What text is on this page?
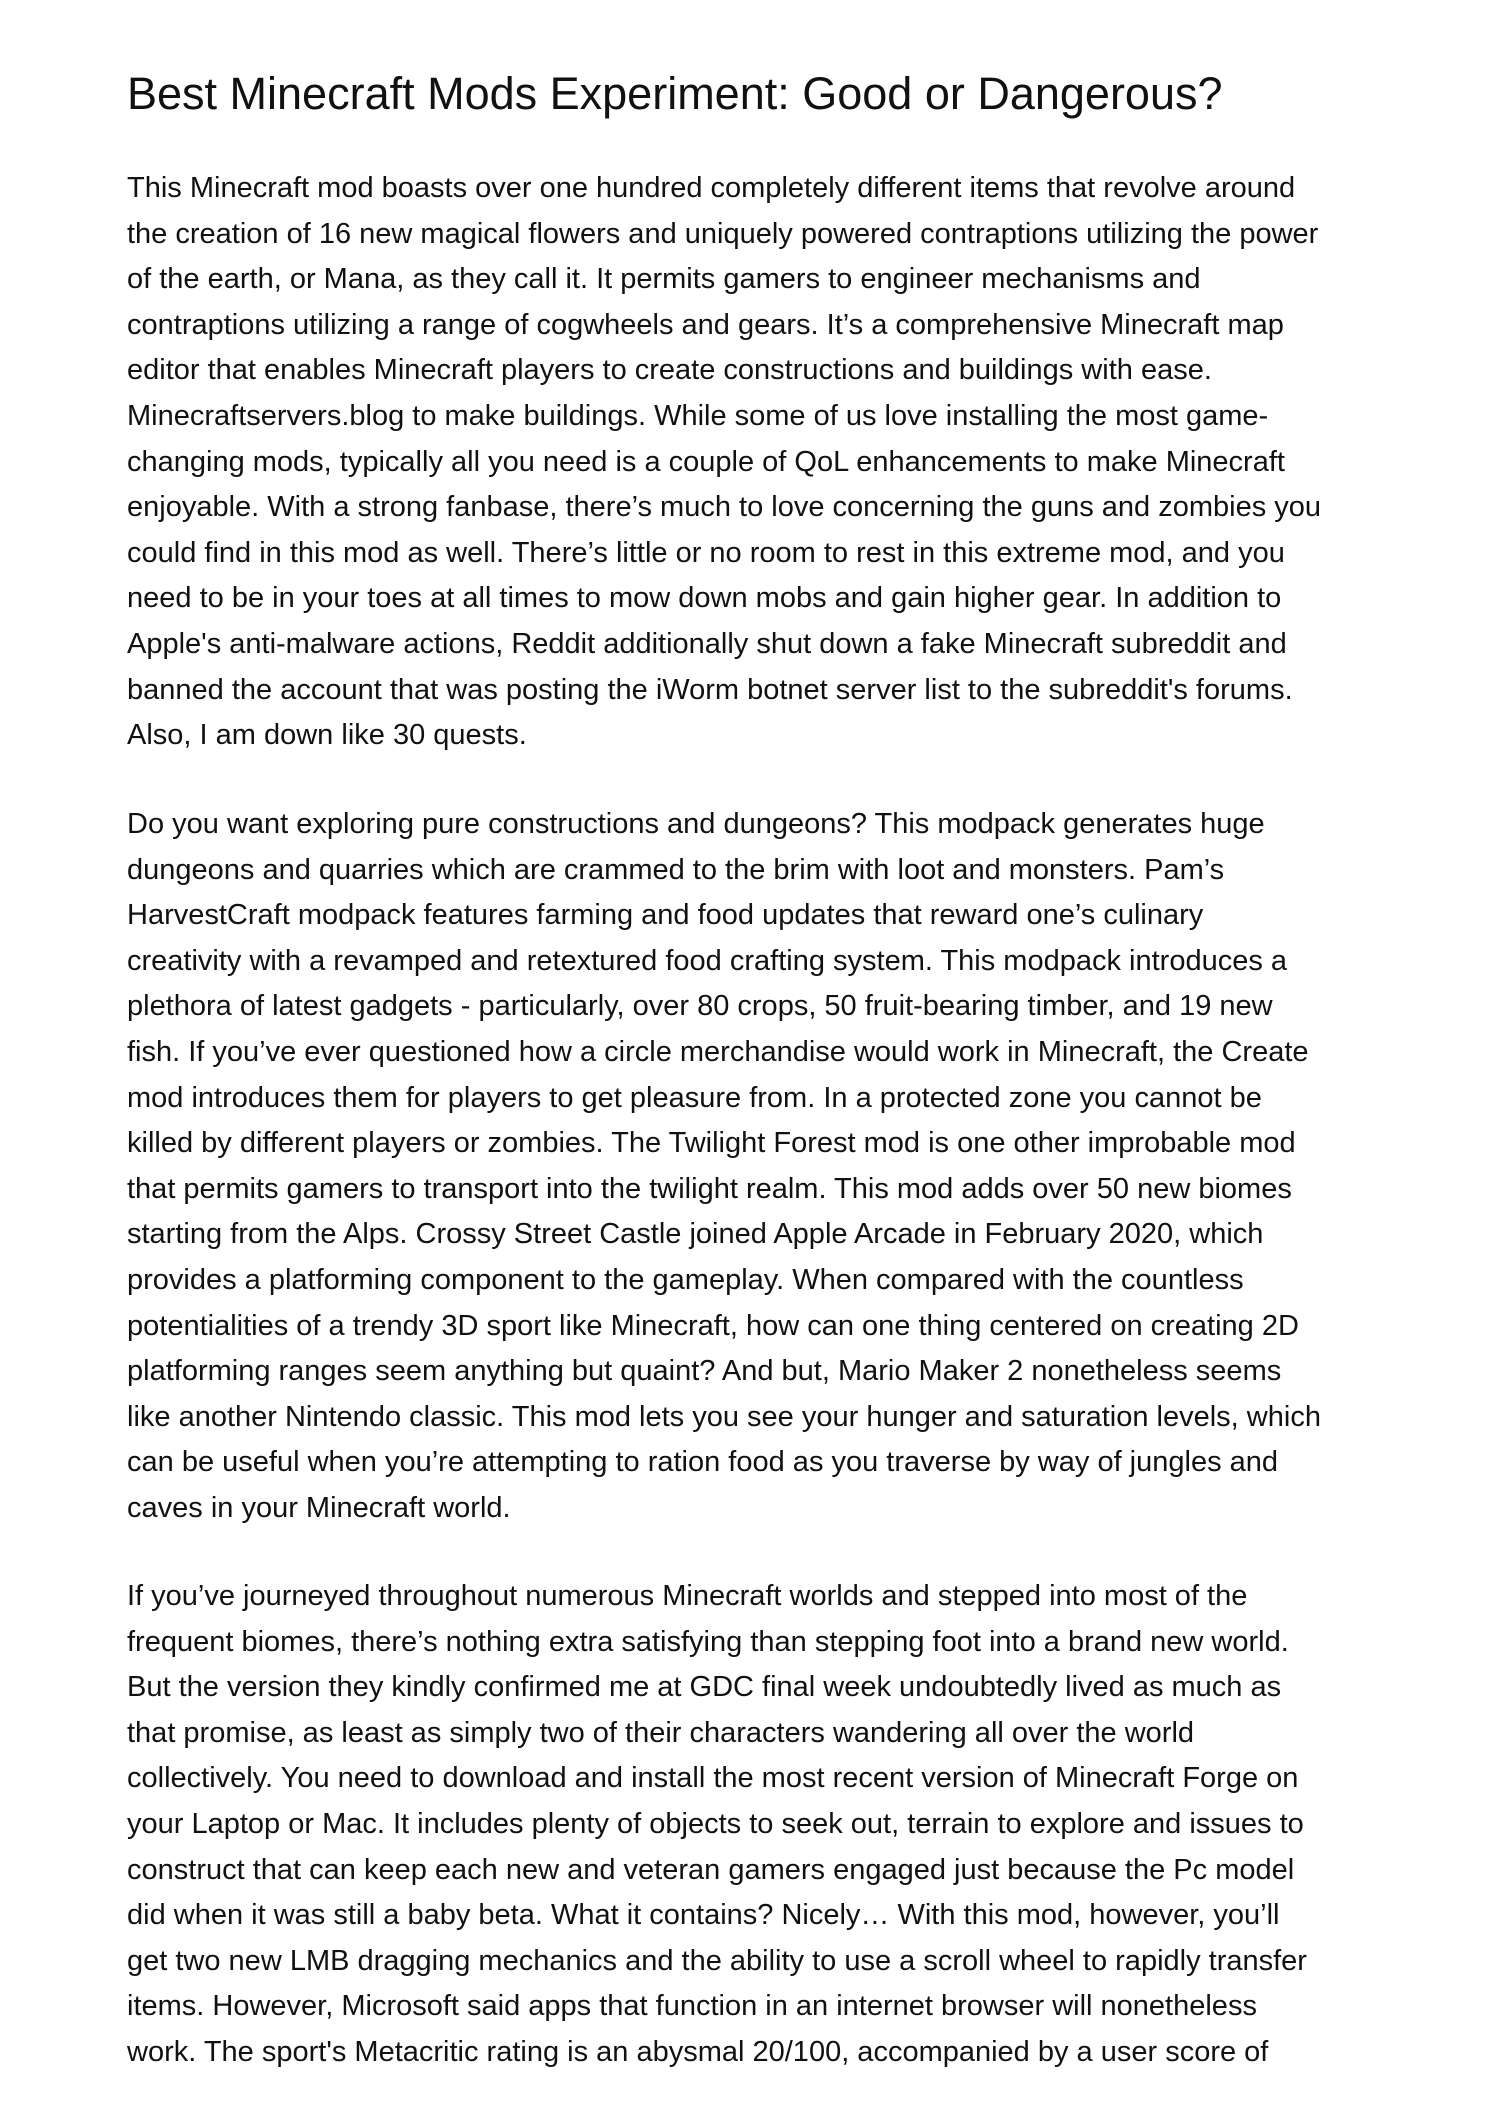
Best Minecraft Mods Experiment: Good or Dangerous?
This Minecraft mod boasts over one hundred completely different items that revolve around
the creation of 16 new magical flowers and uniquely powered contraptions utilizing the power
of the earth, or Mana, as they call it. It permits gamers to engineer mechanisms and
contraptions utilizing a range of cogwheels and gears. It’s a comprehensive Minecraft map
editor that enables Minecraft players to create constructions and buildings with ease.
Minecraftservers.blog to make buildings. While some of us love installing the most game-
changing mods, typically all you need is a couple of QoL enhancements to make Minecraft
enjoyable. With a strong fanbase, there’s much to love concerning the guns and zombies you
could find in this mod as well. There’s little or no room to rest in this extreme mod, and you
need to be in your toes at all times to mow down mobs and gain higher gear. In addition to
Apple's anti-malware actions, Reddit additionally shut down a fake Minecraft subreddit and
banned the account that was posting the iWorm botnet server list to the subreddit's forums.
Also, I am down like 30 quests.
Do you want exploring pure constructions and dungeons? This modpack generates huge
dungeons and quarries which are crammed to the brim with loot and monsters. Pam’s
HarvestCraft modpack features farming and food updates that reward one’s culinary
creativity with a revamped and retextured food crafting system. This modpack introduces a
plethora of latest gadgets - particularly, over 80 crops, 50 fruit-bearing timber, and 19 new
fish. If you’ve ever questioned how a circle merchandise would work in Minecraft, the Create
mod introduces them for players to get pleasure from. In a protected zone you cannot be
killed by different players or zombies. The Twilight Forest mod is one other improbable mod
that permits gamers to transport into the twilight realm. This mod adds over 50 new biomes
starting from the Alps. Crossy Street Castle joined Apple Arcade in February 2020, which
provides a platforming component to the gameplay. When compared with the countless
potentialities of a trendy 3D sport like Minecraft, how can one thing centered on creating 2D
platforming ranges seem anything but quaint? And but, Mario Maker 2 nonetheless seems
like another Nintendo classic. This mod lets you see your hunger and saturation levels, which
can be useful when you’re attempting to ration food as you traverse by way of jungles and
caves in your Minecraft world.
If you’ve journeyed throughout numerous Minecraft worlds and stepped into most of the
frequent biomes, there’s nothing extra satisfying than stepping foot into a brand new world.
But the version they kindly confirmed me at GDC final week undoubtedly lived as much as
that promise, as least as simply two of their characters wandering all over the world
collectively. You need to download and install the most recent version of Minecraft Forge on
your Laptop or Mac. It includes plenty of objects to seek out, terrain to explore and issues to
construct that can keep each new and veteran gamers engaged just because the Pc model
did when it was still a baby beta. What it contains? Nicely… With this mod, however, you’ll
get two new LMB dragging mechanics and the ability to use a scroll wheel to rapidly transfer
items. However, Microsoft said apps that function in an internet browser will nonetheless
work. The sport's Metacritic rating is an abysmal 20/100, accompanied by a user score of
